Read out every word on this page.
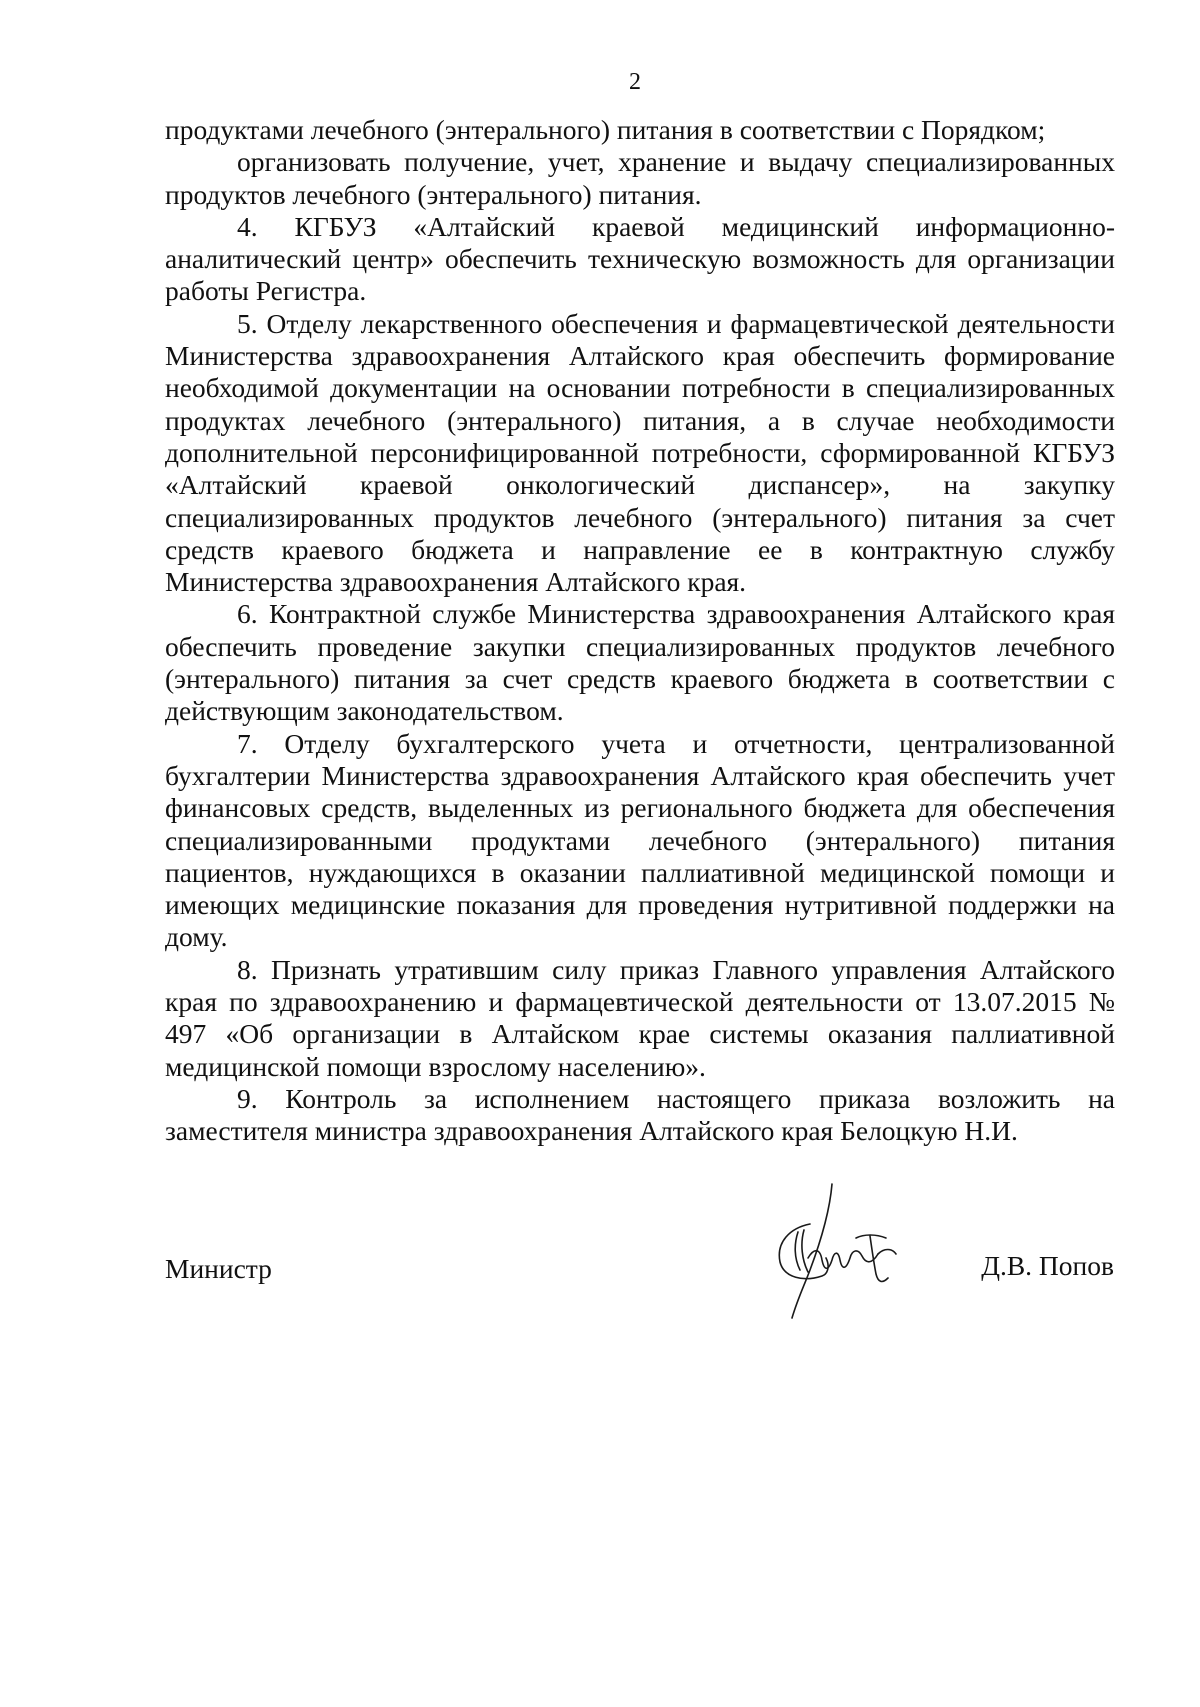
2

продуктами лечебного (энтерального) питания в соответствии с Порядком;

организовать получение, учет, хранение и выдачу специализированных продуктов лечебного (энтерального) питания.

4. КГБУЗ «Алтайский краевой медицинский информационно-аналитический центр» обеспечить техническую возможность для организации работы Регистра.

5. Отделу лекарственного обеспечения и фармацевтической деятельности Министерства здравоохранения Алтайского края обеспечить формирование необходимой документации на основании потребности в специализированных продуктах лечебного (энтерального) питания, а в случае необходимости дополнительной персонифицированной потребности, сформированной КГБУЗ «Алтайский краевой онкологический диспансер», на закупку специализированных продуктов лечебного (энтерального) питания за счет средств краевого бюджета и направление ее в контрактную службу Министерства здравоохранения Алтайского края.

6. Контрактной службе Министерства здравоохранения Алтайского края обеспечить проведение закупки специализированных продуктов лечебного (энтерального) питания за счет средств краевого бюджета в соответствии с действующим законодательством.

7. Отделу бухгалтерского учета и отчетности, централизованной бухгалтерии Министерства здравоохранения Алтайского края обеспечить учет финансовых средств, выделенных из регионального бюджета для обеспечения специализированными продуктами лечебного (энтерального) питания пациентов, нуждающихся в оказании паллиативной медицинской помощи и имеющих медицинские показания для проведения нутритивной поддержки на дому.

8. Признать утратившим силу приказ Главного управления Алтайского края по здравоохранению и фармацевтической деятельности от 13.07.2015 № 497 «Об организации в Алтайском крае системы оказания паллиативной медицинской помощи взрослому населению».

9. Контроль за исполнением настоящего приказа возложить на заместителя министра здравоохранения Алтайского края Белоцкую Н.И.

Министр	Д.В. Попов
